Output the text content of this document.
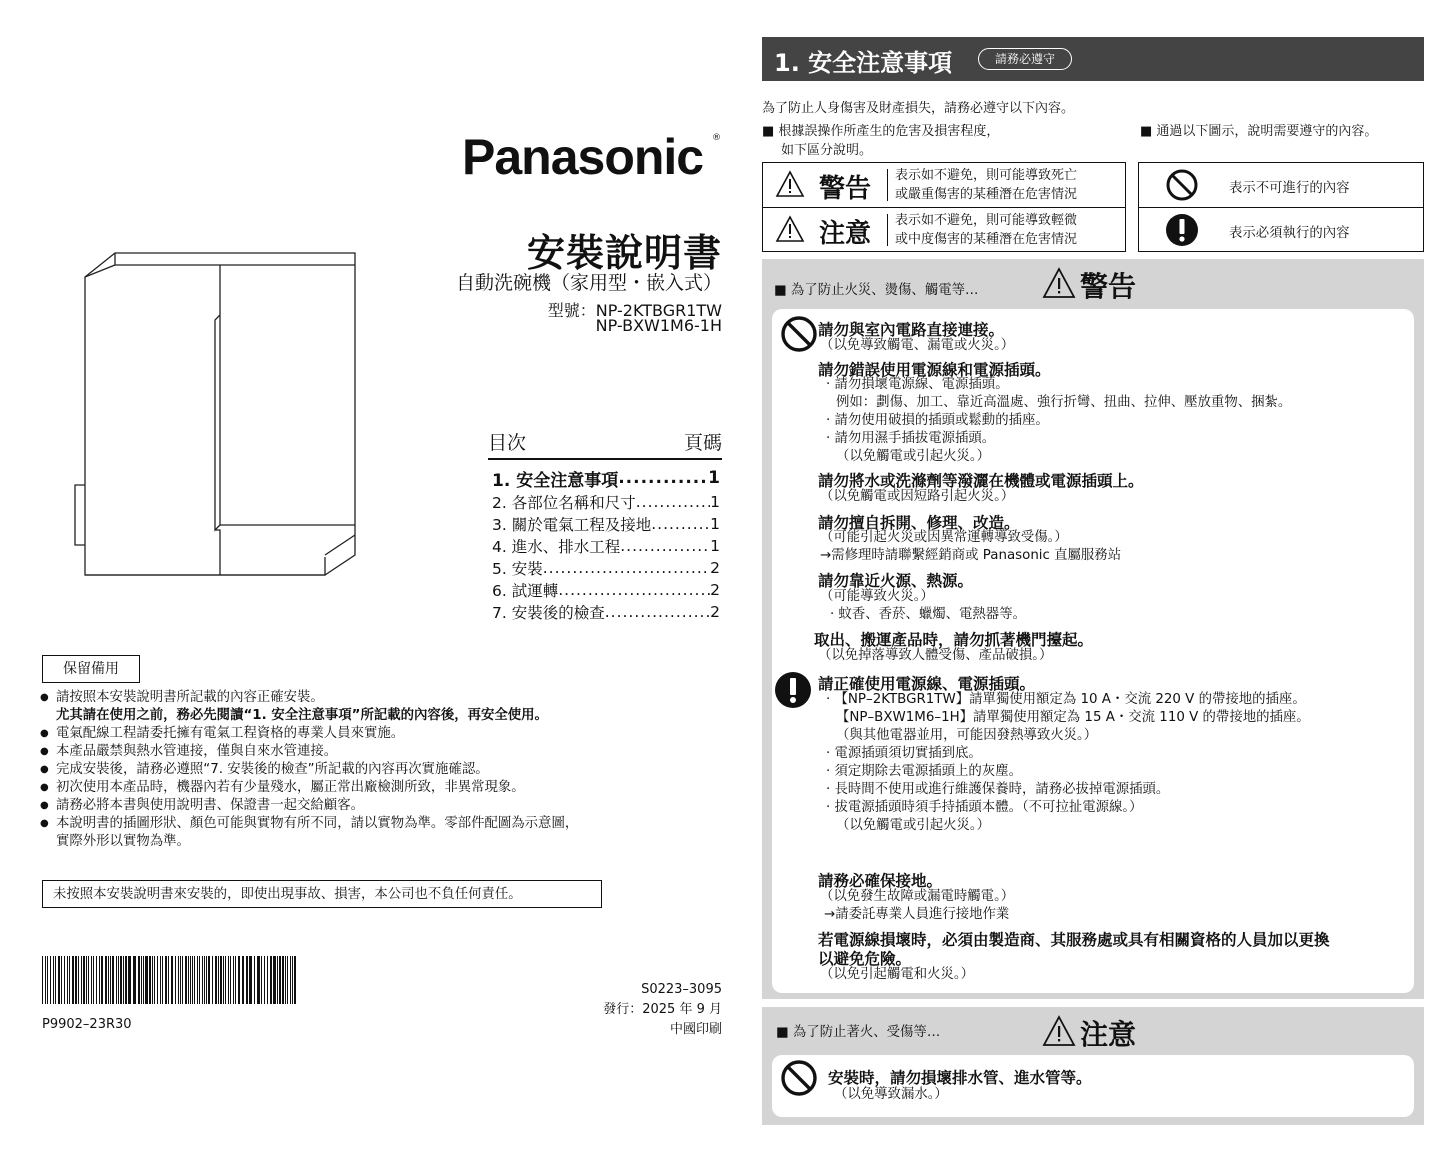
Panasonic ®
安裝說明書
自動洗碗機（家用型・嵌入式）
型號：NP-2KTBGR1TW
NP-BXW1M6-1H
目次	頁碼
1. 安全注意事項 .....	1
2. 各部位名稱和尺寸 .....	1
3. 關於電氣工程及接地 .....	1
4. 進水、排水工程 .....	1
5. 安裝 .....	2
6. 試運轉 .....	2
7. 安裝後的檢查 .....	2
保留備用
● 請按照本安裝說明書所記載的內容正確安裝。
尤其請在使用之前，務必先閱讀“1. 安全注意事項”所記載的內容後，再安全使用。
● 電氣配線工程請委托擁有電氣工程資格的專業人員來實施。
● 本產品嚴禁與熱水管連接，僅與自來水管連接。
● 完成安裝後，請務必遵照“7. 安裝後的檢查”所記載的內容再次實施確認。
● 初次使用本產品時，機器內若有少量殘水，屬正常出廠檢測所致，非異常現象。
● 請務必將本書與使用說明書、保證書一起交給顧客。
● 本說明書的插圖形狀、顏色可能與實物有所不同，請以實物為準。零部件配圖為示意圖，
實際外形以實物為準。
未按照本安裝說明書來安裝的，即使出現事故、損害，本公司也不負任何責任。
P9902–23R30
S0223–3095
發行：2025 年 9 月
中國印刷
1. 安全注意事項	請務必遵守
為了防止人身傷害及財產損失，請務必遵守以下內容。
■ 根據誤操作所產生的危害及損害程度，
如下區分說明。
■ 通過以下圖示，說明需要遵守的內容。
警告 表示如不避免，則可能導致死亡
或嚴重傷害的某種潛在危害情況
注意 表示如不避免，則可能導致輕微
或中度傷害的某種潛在危害情況
表示不可進行的內容
表示必須執行的內容
■ 為了防止火災、燙傷、觸電等…	警告
請勿與室內電路直接連接。
（以免導致觸電、漏電或火災。）
請勿錯誤使用電源線和電源插頭。
· 請勿損壞電源線、電源插頭。
例如：劃傷、加工、靠近高溫處、強行折彎、扭曲、拉伸、壓放重物、捆紮。
· 請勿使用破損的插頭或鬆動的插座。
· 請勿用濕手插拔電源插頭。
（以免觸電或引起火災。）
請勿將水或洗滌劑等潑灑在機體或電源插頭上。
（以免觸電或因短路引起火災。）
請勿擅自拆開、修理、改造。
（可能引起火災或因異常運轉導致受傷。）
→需修理時請聯繫經銷商或 Panasonic 直屬服務站
請勿靠近火源、熱源。
（可能導致火災。）
· 蚊香、香菸、蠟燭、電熱器等。
取出、搬運產品時，請勿抓著機門擡起。
（以免掉落導致人體受傷、產品破損。）
請正確使用電源線、電源插頭。
· 【NP–2KTBGR1TW】請單獨使用額定為 10 A・交流 220 V 的帶接地的插座。
【NP–BXW1M6–1H】請單獨使用額定為 15 A・交流 110 V 的帶接地的插座。
（與其他電器並用，可能因發熱導致火災。）
· 電源插頭須切實插到底。
· 須定期除去電源插頭上的灰塵。
· 長時間不使用或進行維護保養時，請務必拔掉電源插頭。
· 拔電源插頭時須手持插頭本體。（不可拉扯電源線。）
（以免觸電或引起火災。）
請務必確保接地。
（以免發生故障或漏電時觸電。）
→請委託專業人員進行接地作業
若電源線損壞時，必須由製造商、其服務處或具有相關資格的人員加以更換
以避免危險。
（以免引起觸電和火災。）
■ 為了防止著火、受傷等…	注意
安裝時，請勿損壞排水管、進水管等。
（以免導致漏水。）
